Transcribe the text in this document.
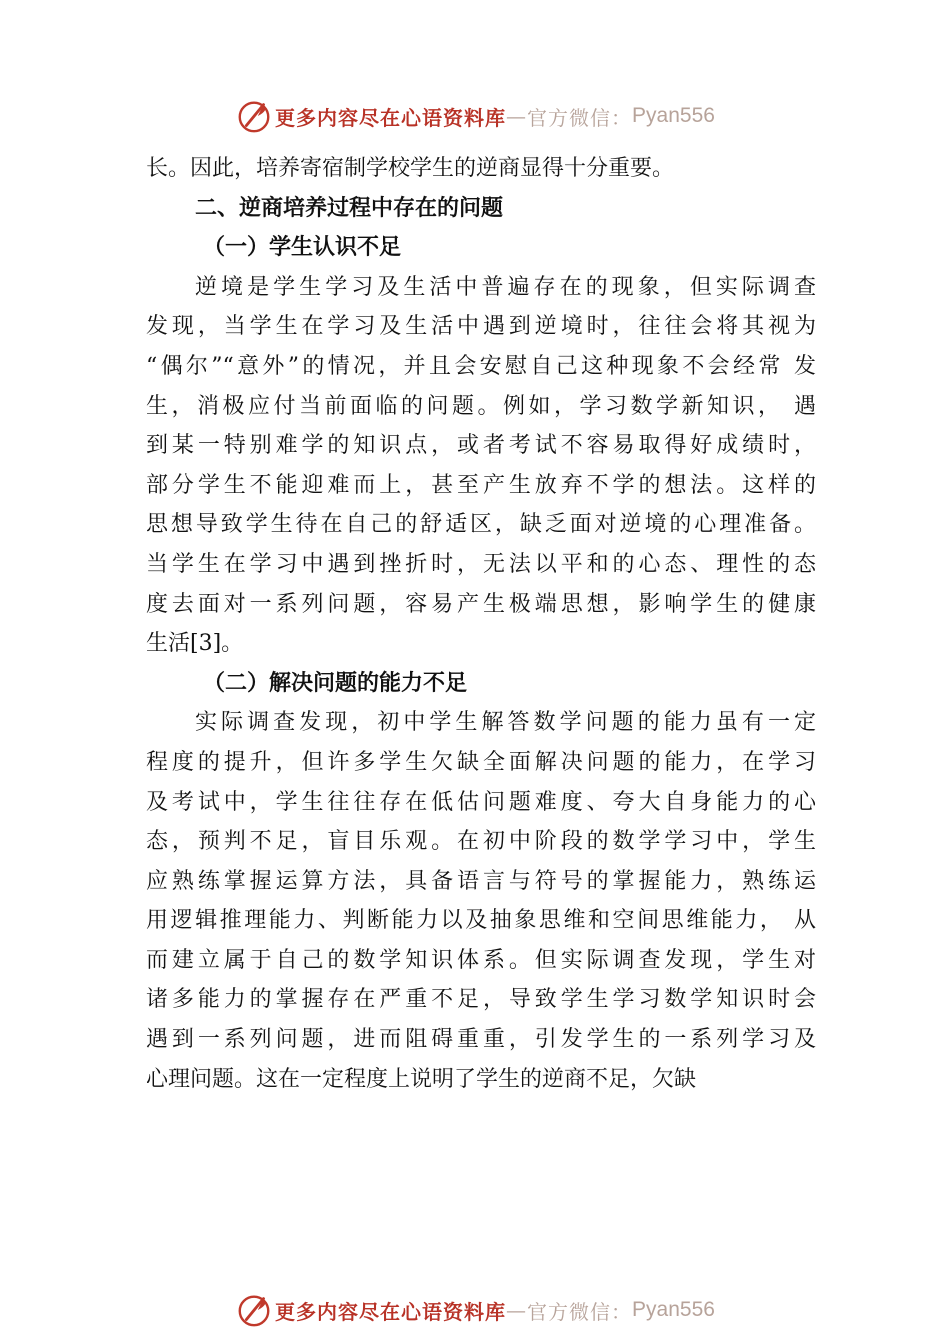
更多内容尽在心语资料库 — 官方微信： Pyan556
长。因此，培养寄宿制学校学生的逆商显得十分重要。
二、逆商培养过程中存在的问题
（一）学生认识不足
逆境是学生学习及生活中普遍存在的现象，但实际调查
发现，当学生在学习及生活中遇到逆境时，往往会将其视为
“偶尔”“意外”的情况，并且会安慰自己这种现象不会经常 发
生，消极应付当前面临的问题。例如，学习数学新知识， 遇
到某一特别难学的知识点，或者考试不容易取得好成绩时，
部分学生不能迎难而上，甚至产生放弃不学的想法。这样的
思想导致学生待在自己的舒适区，缺乏面对逆境的心理准备。
当学生在学习中遇到挫折时，无法以平和的心态、理性的态
度去面对一系列问题，容易产生极端思想，影响学生的健康
生活[3]。
（二）解决问题的能力不足
实际调查发现，初中学生解答数学问题的能力虽有一定
程度的提升，但许多学生欠缺全面解决问题的能力，在学习
及考试中，学生往往存在低估问题难度、夸大自身能力的心
态，预判不足，盲目乐观。在初中阶段的数学学习中，学生
应熟练掌握运算方法，具备语言与符号的掌握能力，熟练运
用逻辑推理能力、判断能力以及抽象思维和空间思维能力， 从
而建立属于自己的数学知识体系。但实际调查发现，学生对
诸多能力的掌握存在严重不足，导致学生学习数学知识时会
遇到一系列问题，进而阻碍重重，引发学生的一系列学习及
心理问题。这在一定程度上说明了学生的逆商不足，欠缺
更多内容尽在心语资料库 — 官方微信： Pyan556
